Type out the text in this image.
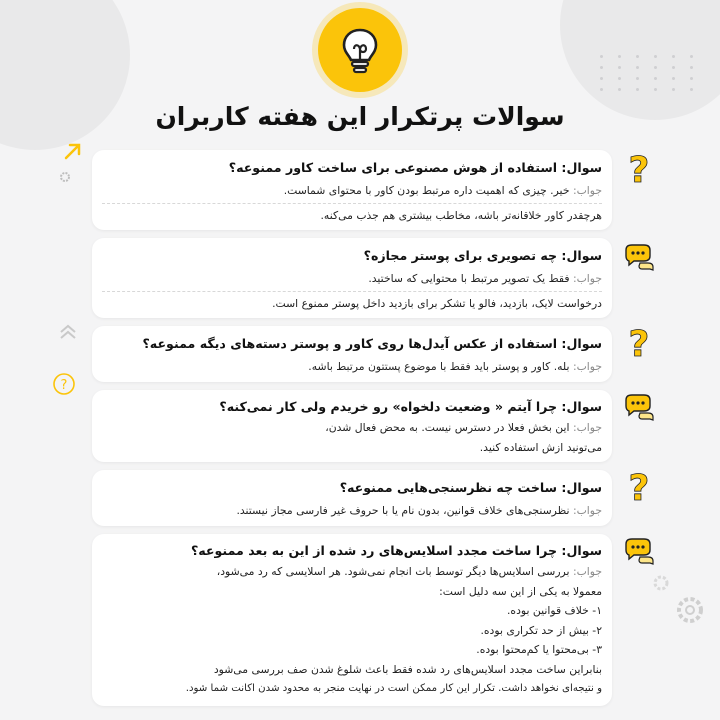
?
سوالات پرتکرار این هفته کاربران
سوال: استفاده از هوش مصنوعی برای ساخت کاور ممنوعه؟
جواب: خیر. چیزی که اهمیت داره مرتبط بودن کاور با محتوای شماست.
هرچقدر کاور خلاقانه‌تر باشه، مخاطب بیشتری هم جذب می‌کنه.
?
سوال: چه تصویری برای پوستر مجازه؟
جواب: فقط یک تصویر مرتبط با محتوایی که ساختید.
درخواست لایک، بازدید، فالو یا تشکر برای بازدید داخل پوستر ممنوع است.
سوال: استفاده از عکس آیدل‌ها روی کاور و پوستر دسته‌های دیگه ممنوعه؟
جواب: بله. کاور و پوستر باید فقط با موضوع پستتون مرتبط باشه.
?
سوال: چرا آیتم « وضعیت دلخواه» رو خریدم ولی کار نمی‌کنه؟
جواب: این بخش فعلا در دسترس نیست. به محض فعال شدن،
می‌تونید ازش استفاده کنید.
سوال: ساخت چه نظرسنجی‌هایی ممنوعه؟
جواب: نظرسنجی‌های خلاف قوانین، بدون نام یا با حروف غیر فارسی مجاز نیستند.
?
سوال: چرا ساخت مجدد اسلایس‌های رد شده از این به بعد ممنوعه؟
جواب: بررسی اسلایس‌ها دیگر توسط بات انجام نمی‌شود. هر اسلایسی که رد می‌شود،
معمولا به یکی از این سه دلیل است:
۱- خلاف قوانین بوده.
۲- بیش از حد تکراری بوده.
۳- بی‌محتوا یا کم‌محتوا بوده.
بنابراین ساخت مجدد اسلایس‌های رد شده فقط باعث شلوغ شدن صف بررسی می‌شود
و نتیجه‌ای نخواهد داشت. تکرار این کار ممکن است در نهایت منجر به محدود شدن اکانت شما شود.
